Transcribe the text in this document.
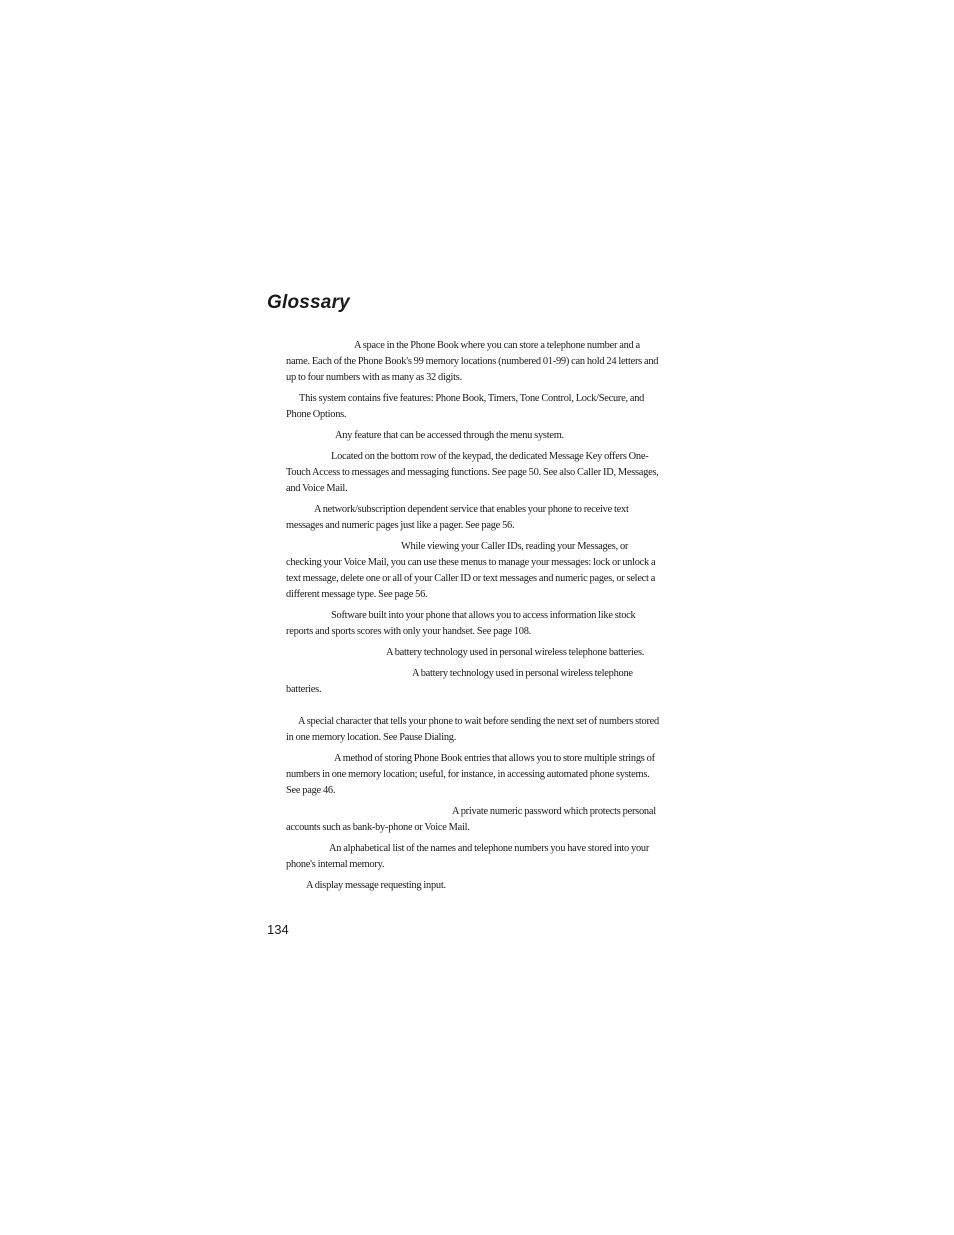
Glossary

A space in the Phone Book where you can store a telephone number and a name. Each of the Phone Book's 99 memory locations (numbered 01-99) can hold 24 letters and up to four numbers with as many as 32 digits.

This system contains five features: Phone Book, Timers, Tone Control, Lock/Secure, and Phone Options.

Any feature that can be accessed through the menu system.

Located on the bottom row of the keypad, the dedicated Message Key offers One-Touch Access to messages and messaging functions. See page 50. See also Caller ID, Messages, and Voice Mail.

A network/subscription dependent service that enables your phone to receive text messages and numeric pages just like a pager. See page 56.

While viewing your Caller IDs, reading your Messages, or checking your Voice Mail, you can use these menus to manage your messages: lock or unlock a text message, delete one or all of your Caller ID or text messages and numeric pages, or select a different message type. See page 56.

Software built into your phone that allows you to access information like stock reports and sports scores with only your handset. See page 108.

A battery technology used in personal wireless telephone batteries.

A battery technology used in personal wireless telephone batteries.

A special character that tells your phone to wait before sending the next set of numbers stored in one memory location. See Pause Dialing.

A method of storing Phone Book entries that allows you to store multiple strings of numbers in one memory location; useful, for instance, in accessing automated phone systems. See page 46.

A private numeric password which protects personal accounts such as bank-by-phone or Voice Mail.

An alphabetical list of the names and telephone numbers you have stored into your phone's internal memory.

A display message requesting input.

134
